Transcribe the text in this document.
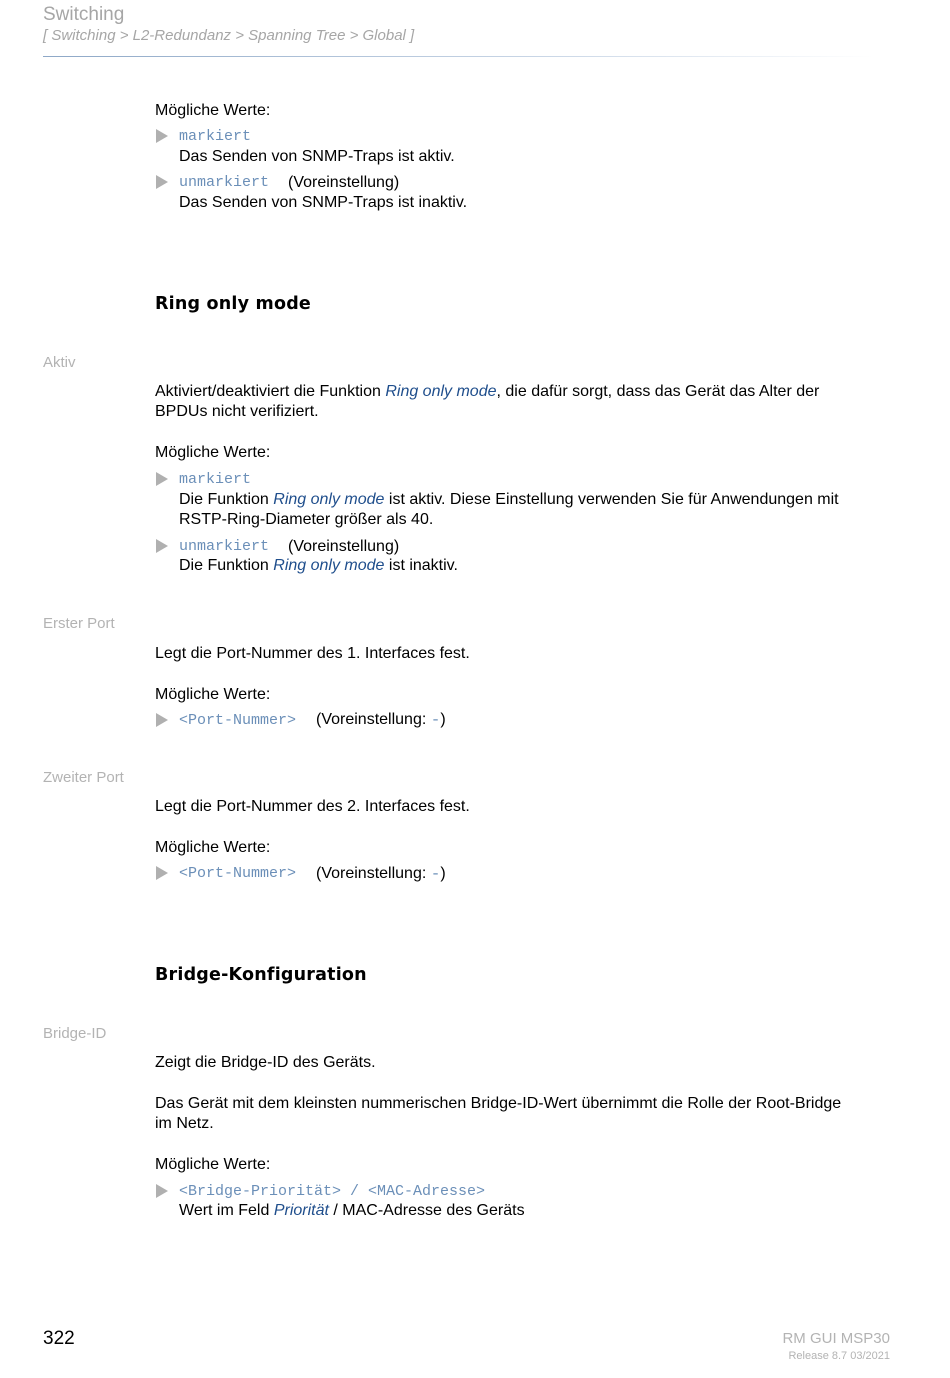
Switching
[ Switching > L2-Redundanz > Spanning Tree > Global ]
Mögliche Werte:
markiert
Das Senden von SNMP-Traps ist aktiv.
unmarkiert (Voreinstellung)
Das Senden von SNMP-Traps ist inaktiv.
Ring only mode
Aktiv
Aktiviert/deaktiviert die Funktion Ring only mode, die dafür sorgt, dass das Gerät das Alter der
BPDUs nicht verifiziert.
Mögliche Werte:
markiert
Die Funktion Ring only mode ist aktiv. Diese Einstellung verwenden Sie für Anwendungen mit
RSTP-Ring-Diameter größer als 40.
unmarkiert (Voreinstellung)
Die Funktion Ring only mode ist inaktiv.
Erster Port
Legt die Port-Nummer des 1. Interfaces fest.
Mögliche Werte:
<Port-Nummer> (Voreinstellung: -)
Zweiter Port
Legt die Port-Nummer des 2. Interfaces fest.
Mögliche Werte:
<Port-Nummer> (Voreinstellung: -)
Bridge-Konfiguration
Bridge-ID
Zeigt die Bridge-ID des Geräts.
Das Gerät mit dem kleinsten nummerischen Bridge-ID-Wert übernimmt die Rolle der Root-Bridge
im Netz.
Mögliche Werte:
<Bridge-Priorität> / <MAC-Adresse>
Wert im Feld Priorität / MAC-Adresse des Geräts
322	RM GUI MSP30
Release 8.7 03/2021
